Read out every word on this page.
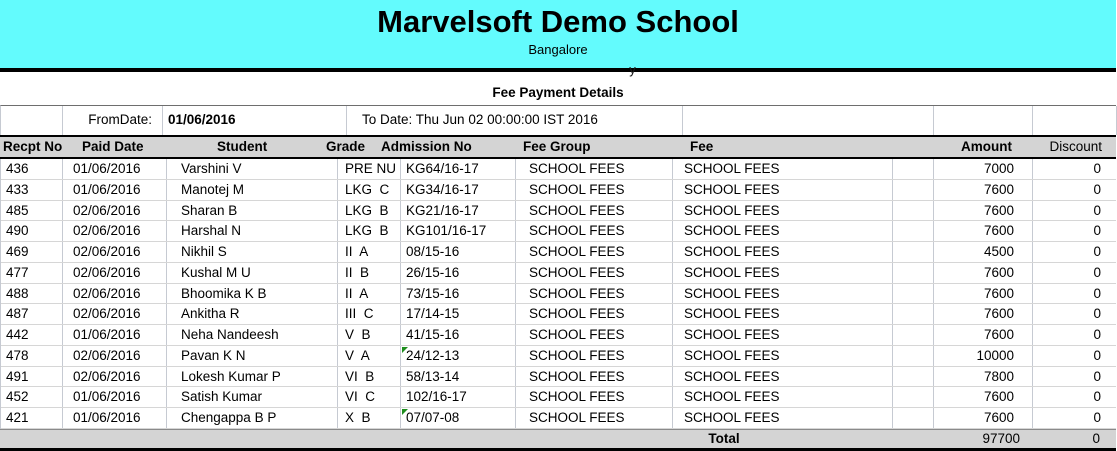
Marvelsoft Demo School
Bangalore
$^y$
Fee Payment Details
FromDate:	01/06/2016	To Date: Thu Jun 02 00:00:00 IST 2016
Recpt No Paid Date	Student	Grade Admission No	Fee Group	Fee	Amount	Discount
436	01/06/2016	Varshini V	PRE NU KG64/16-17	SCHOOL FEES	SCHOOL FEES	7000	0
433	01/06/2016	Manotej M	LKG  C	KG34/16-17	SCHOOL FEES	SCHOOL FEES	7600	0
485	02/06/2016	Sharan B	LKG  B	KG21/16-17	SCHOOL FEES	SCHOOL FEES	7600	0
490	02/06/2016	Harshal N	LKG  B	KG101/16-17	SCHOOL FEES	SCHOOL FEES	7600	0
469	02/06/2016	Nikhil S	II  A	08/15-16	SCHOOL FEES	SCHOOL FEES	4500	0
477	02/06/2016	Kushal M U	II  B	26/15-16	SCHOOL FEES	SCHOOL FEES	7600	0
488	02/06/2016	Bhoomika K B	II  A	73/15-16	SCHOOL FEES	SCHOOL FEES	7600	0
487	02/06/2016	Ankitha R	III  C	17/14-15	SCHOOL FEES	SCHOOL FEES	7600	0
442	01/06/2016	Neha Nandeesh	V  B	41/15-16	SCHOOL FEES	SCHOOL FEES	7600	0
478	02/06/2016	Pavan K N	V  A	24/12-13	SCHOOL FEES	SCHOOL FEES	10000	0
491	02/06/2016	Lokesh Kumar P	VI  B	58/13-14	SCHOOL FEES	SCHOOL FEES	7800	0
452	01/06/2016	Satish Kumar	VI  C	102/16-17	SCHOOL FEES	SCHOOL FEES	7600	0
421	01/06/2016	Chengappa B P	X  B	07/07-08	SCHOOL FEES	SCHOOL FEES	7600	0
Total	97700	0
